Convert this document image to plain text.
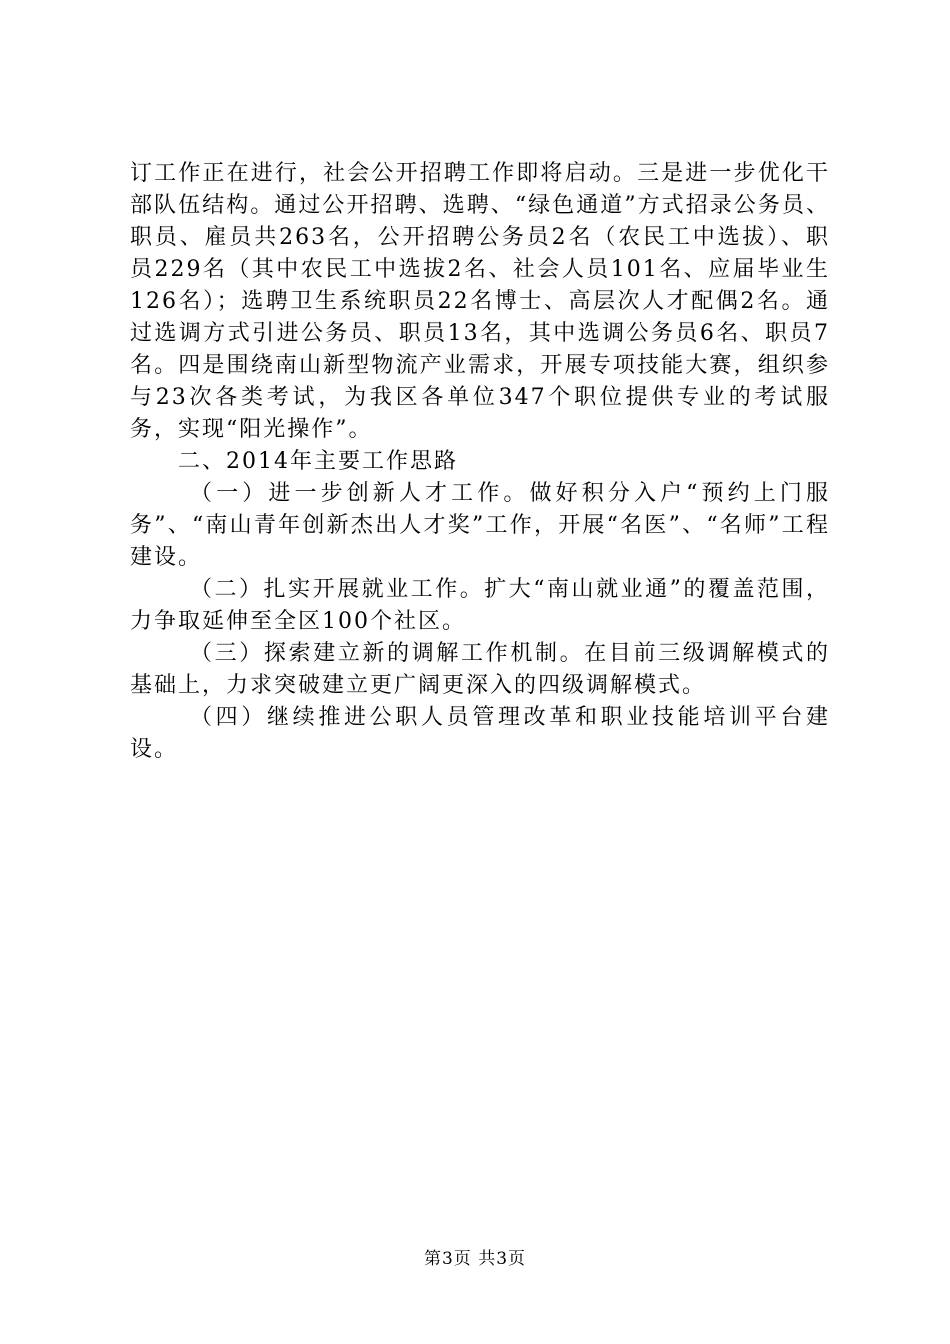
订工作正在进行，社会公开招聘工作即将启动。三是进一步优化干部队伍结构。通过公开招聘、选聘、“绿色通道”方式招录公务员、职员、雇员共263名，公开招聘公务员2名（农民工中选拔）、职员229名（其中农民工中选拔2名、社会人员101名、应届毕业生126名）；选聘卫生系统职员22名博士、高层次人才配偶2名。通过选调方式引进公务员、职员13名，其中选调公务员6名、职员7名。四是围绕南山新型物流产业需求，开展专项技能大赛，组织参与23次各类考试，为我区各单位347个职位提供专业的考试服务，实现“阳光操作”。

二、2014年主要工作思路

（一）进一步创新人才工作。做好积分入户“预约上门服务”、“南山青年创新杰出人才奖”工作，开展“名医”、“名师”工程建设。

（二）扎实开展就业工作。扩大“南山就业通”的覆盖范围，力争取延伸至全区100个社区。

（三）探索建立新的调解工作机制。在目前三级调解模式的基础上，力求突破建立更广阔更深入的四级调解模式。

（四）继续推进公职人员管理改革和职业技能培训平台建设。

第3页 共3页
